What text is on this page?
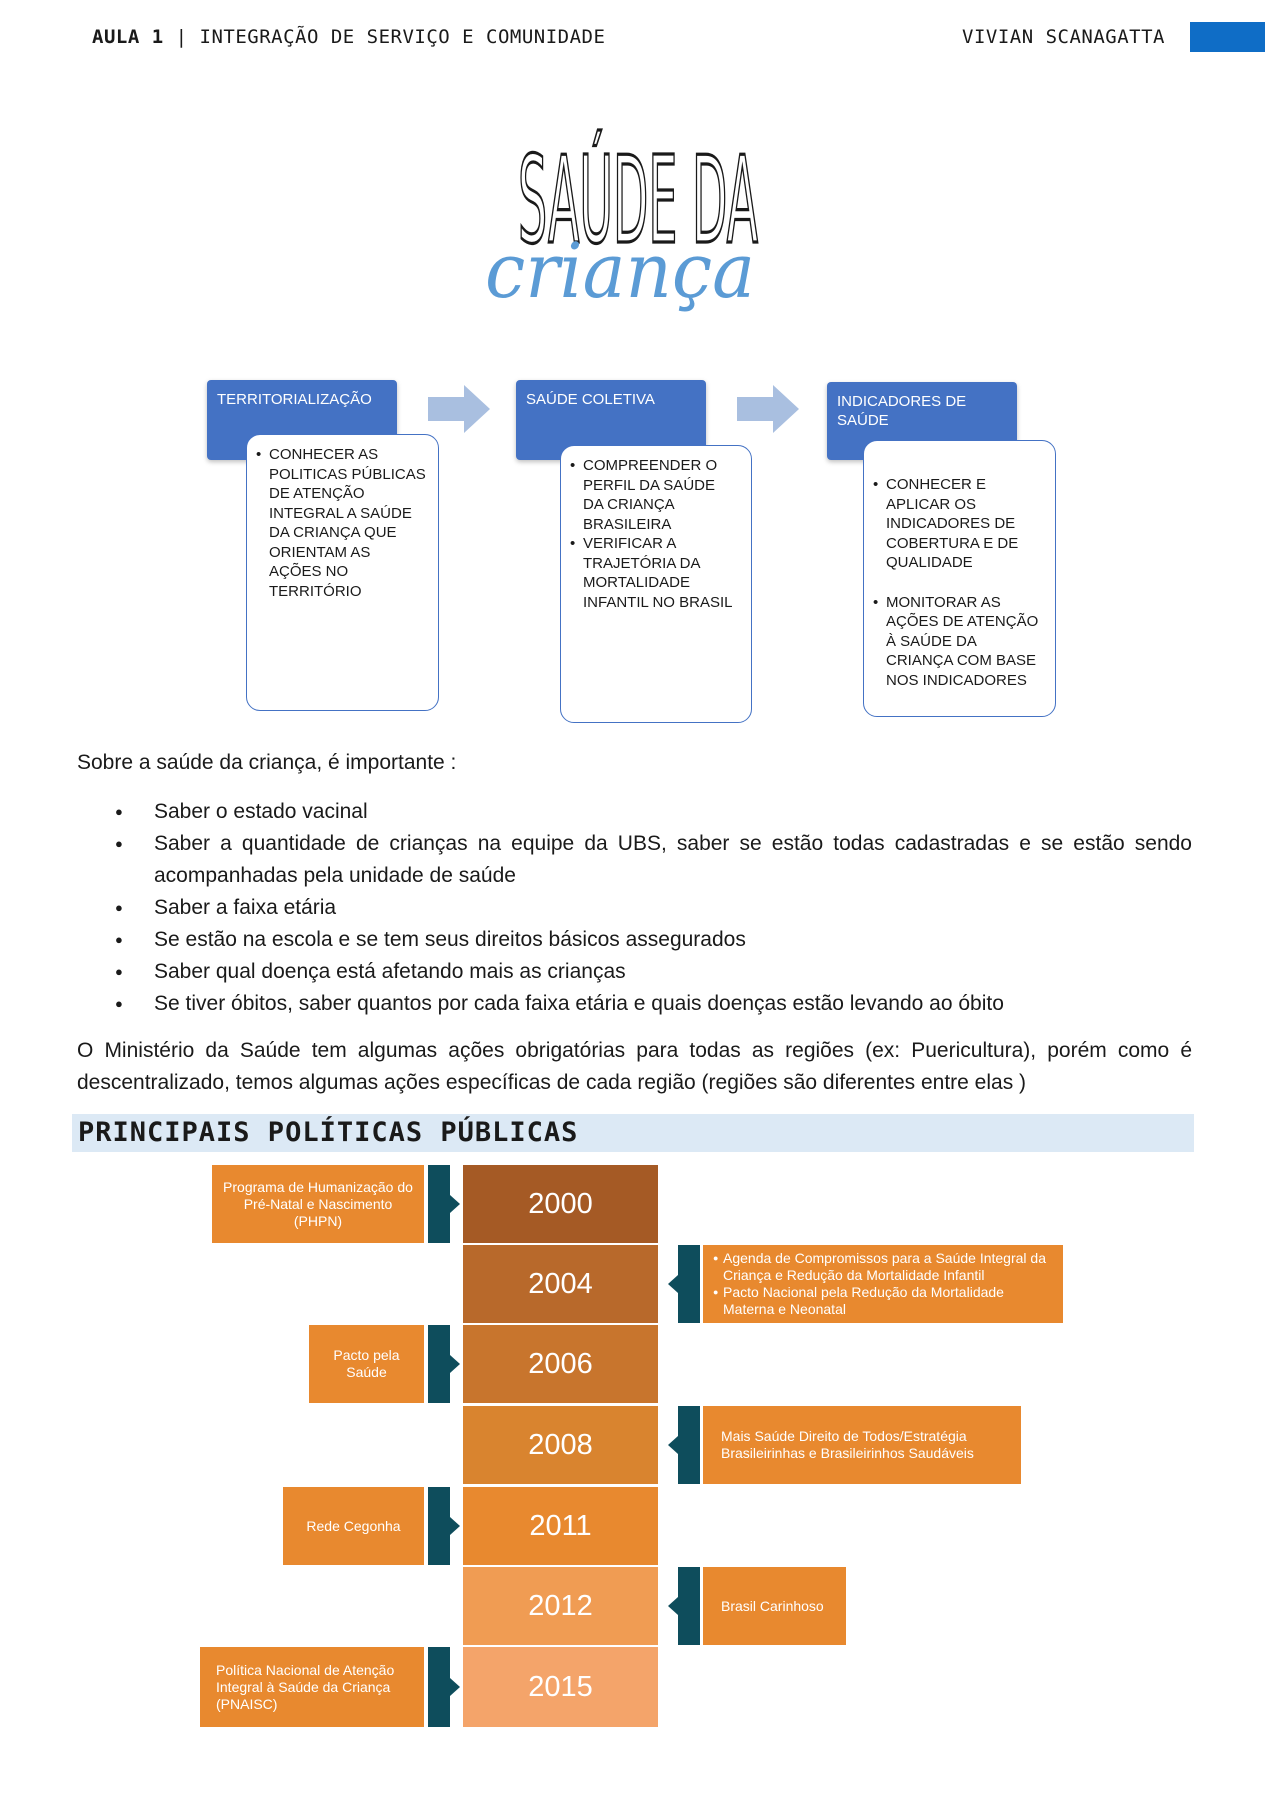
AULA 1 | INTEGRAÇÃO DE SERVIÇO E COMUNIDADE	VIVIAN SCANAGATTA
SAÚDE DA
criança
TERRITORIALIZAÇÃO
• CONHECER AS POLITICAS PÚBLICAS DE ATENÇÃO INTEGRAL A SAÚDE DA CRIANÇA QUE ORIENTAM AS AÇÕES NO TERRITÓRIO
SAÚDE COLETIVA
• COMPREENDER O PERFIL DA SAÚDE DA CRIANÇA BRASILEIRA
• VERIFICAR A TRAJETÓRIA DA MORTALIDADE INFANTIL NO BRASIL
INDICADORES DE SAÚDE
• CONHECER E APLICAR OS INDICADORES DE COBERTURA E DE QUALIDADE
• MONITORAR AS AÇÕES DE ATENÇÃO À SAÚDE DA CRIANÇA COM BASE NOS INDICADORES
Sobre a saúde da criança, é importante :
● Saber o estado vacinal
● Saber a quantidade de crianças na equipe da UBS, saber se estão todas cadastradas e se estão sendo acompanhadas pela unidade de saúde
● Saber a faixa etária
● Se estão na escola e se tem seus direitos básicos assegurados
● Saber qual doença está afetando mais as crianças
● Se tiver óbitos, saber quantos por cada faixa etária e quais doenças estão levando ao óbito
O Ministério da Saúde tem algumas ações obrigatórias para todas as regiões (ex: Puericultura), porém como é descentralizado, temos algumas ações específicas de cada região (regiões são diferentes entre elas )
PRINCIPAIS POLÍTICAS PÚBLICAS
2000
2004
2006
2008
2011
2012
2015
Programa de Humanização do Pré-Natal e Nascimento (PHPN)
● Agenda de Compromissos para a Saúde Integral da Criança e Redução da Mortalidade Infantil
● Pacto Nacional pela Redução da Mortalidade Materna e Neonatal
Pacto pela Saúde
Mais Saúde Direito de Todos/Estratégia Brasileirinhas e Brasileirinhos Saudáveis
Rede Cegonha
Brasil Carinhoso
Política Nacional de Atenção Integral à Saúde da Criança (PNAISC)
